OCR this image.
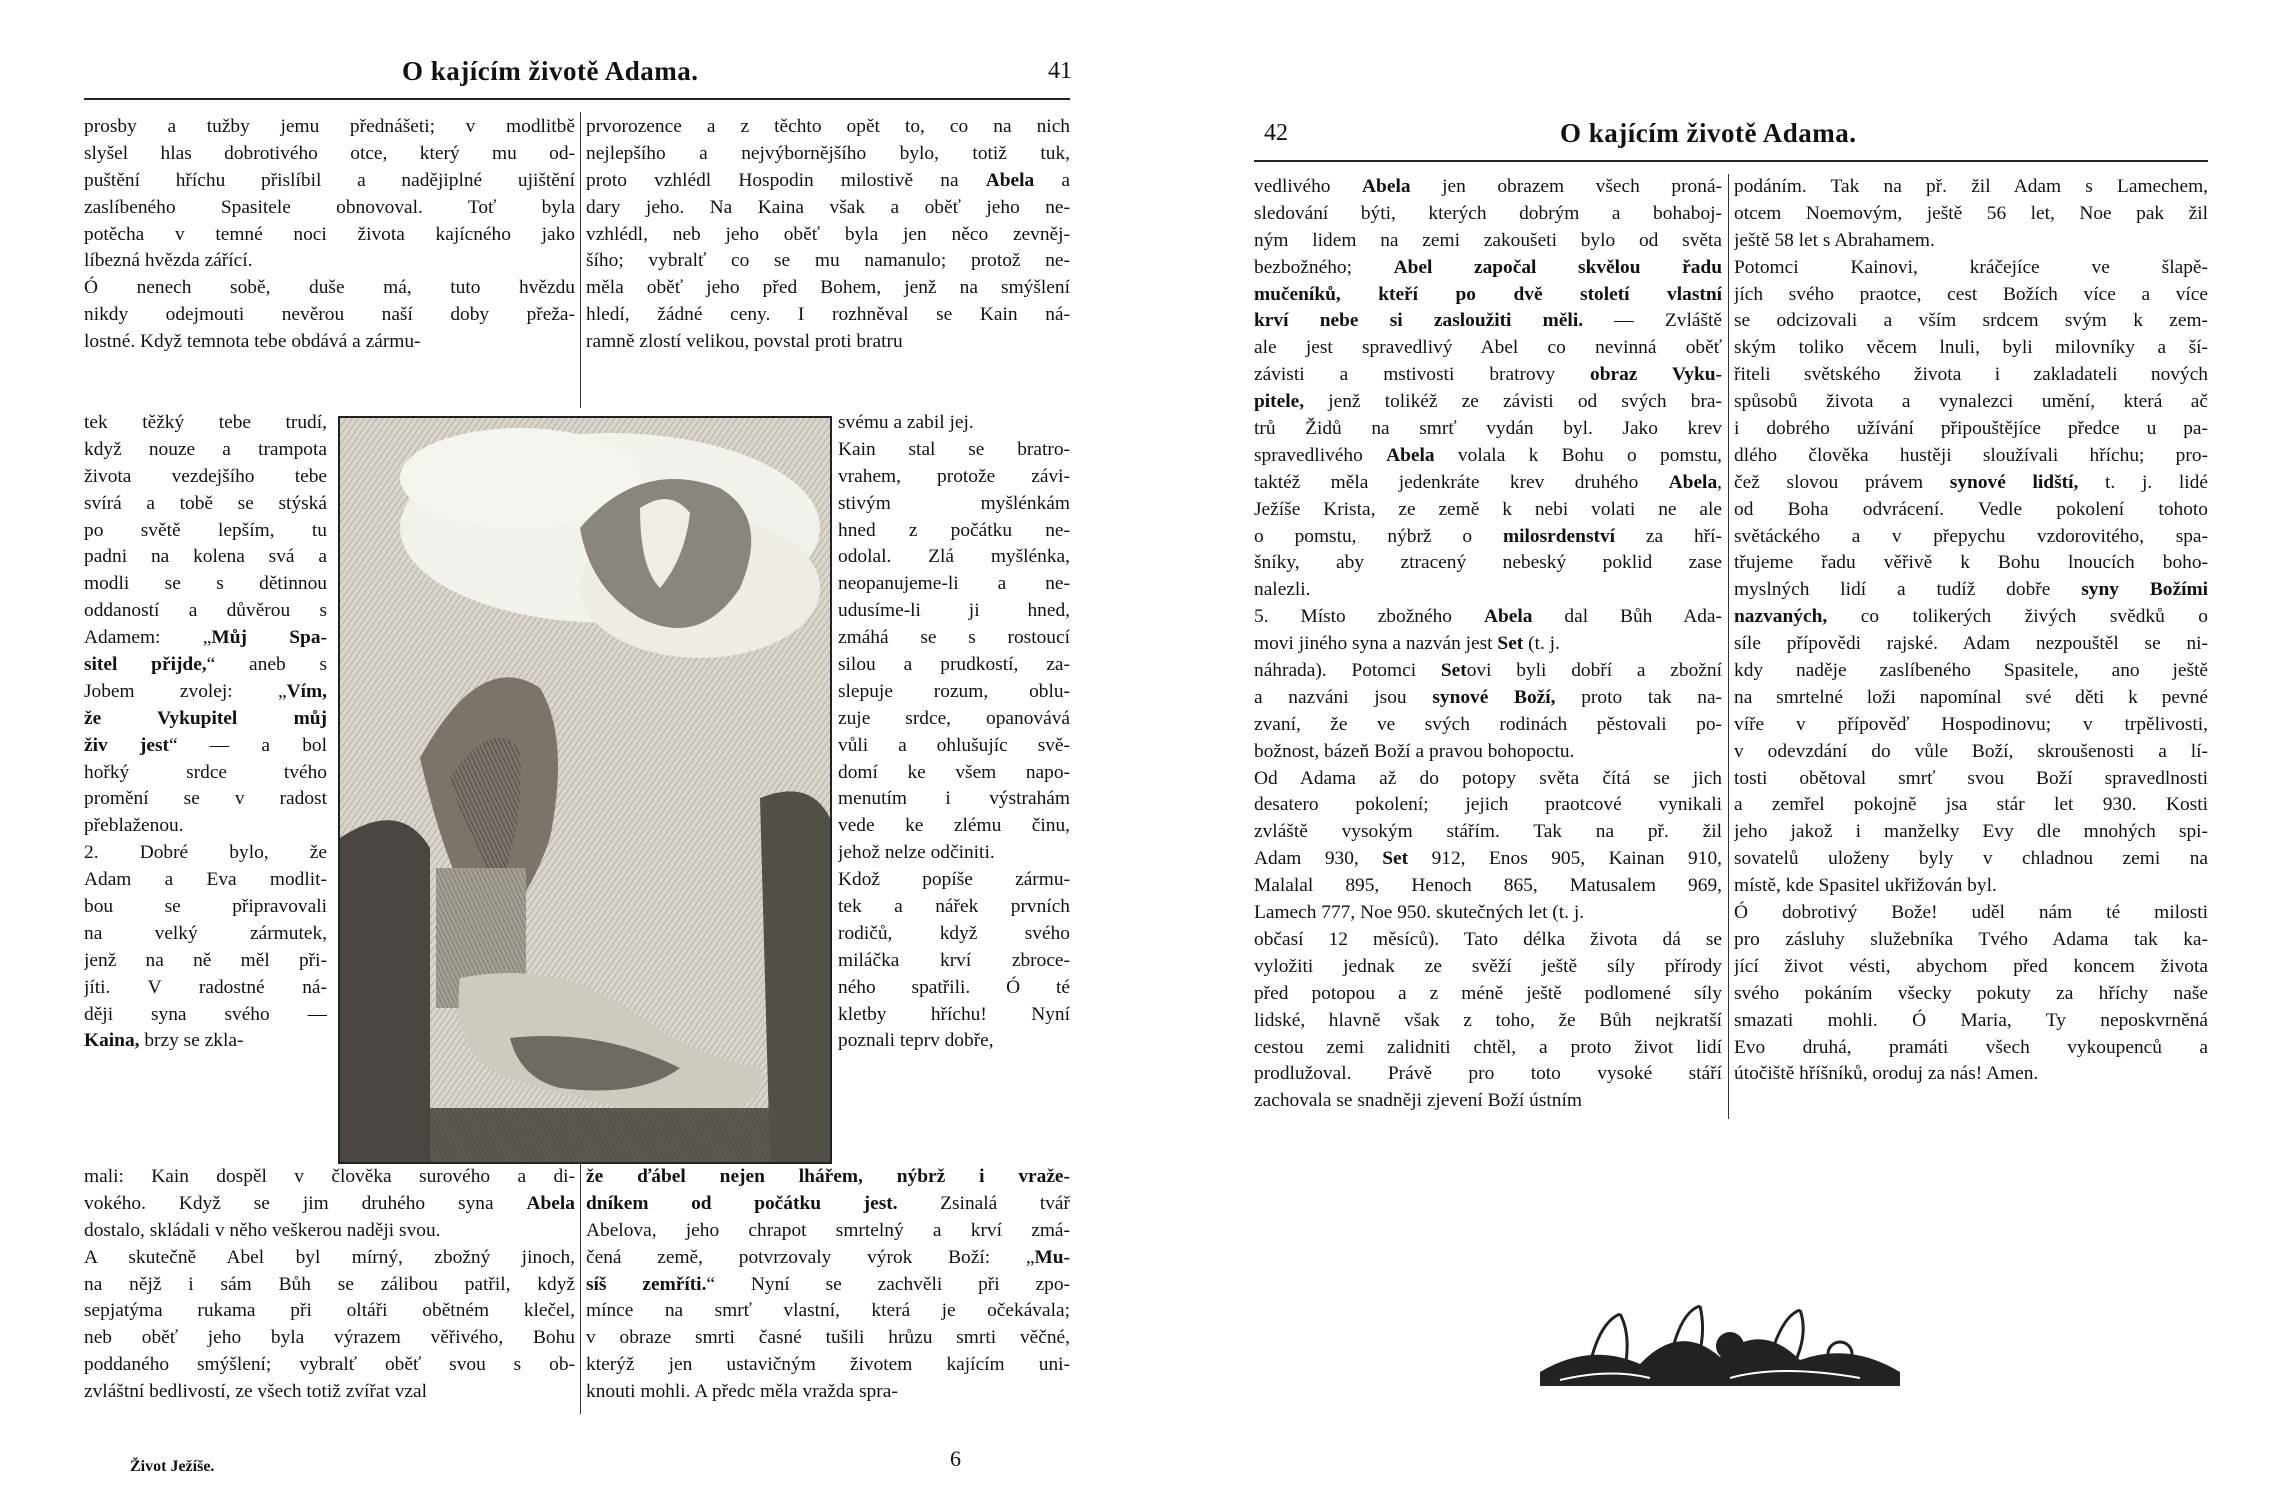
O kajícím životě Adama.	41
prosby a tužby jemu přednášeti; v modlitbě
slyšel hlas dobrotivého otce, který mu od-
puštění hříchu přislíbil a nadějiplné ujištění
zaslíbeného Spasitele obnovoval. Toť byla
potěcha v temné noci života kajícného jako
líbezná hvězda zářící.
Ó nenech sobě, duše má, tuto hvězdu
nikdy odejmouti nevěrou naší doby přeža-
lostné. Když temnota tebe obdává a zármu-
prvorozence a z těchto opět to, co na nich
nejlepšího a nejvýbornějšího bylo, totiž tuk,
proto vzhlédl Hospodin milostivě na Abela a
dary jeho. Na Kaina však a oběť jeho ne-
vzhlédl, neb jeho oběť byla jen něco zevněj-
šího; vybralť co se mu namanulo; protož ne-
měla oběť jeho před Bohem, jenž na smýšlení
hledí, žádné ceny. I rozhněval se Kain ná-
ramně zlostí velikou, povstal proti bratru
tek těžký tebe trudí,
když nouze a trampota
života vezdejšího tebe
svírá a tobě se stýská
po světě lepším, tu
padni na kolena svá a
modli se s dětinnou
oddaností a důvěrou s
Adamem: „Můj Spa-
sitel přijde,“ aneb s
Jobem zvolej: „Vím,
že Vykupitel můj
živ jest“ — a bol
hořký srdce tvého
promění se v radost
přeblaženou.
2. Dobré bylo, že
Adam a Eva modlit-
bou se připravovali
na velký zármutek,
jenž na ně měl při-
jíti. V radostné ná-
ději syna svého —
Kaina, brzy se zkla-
svému a zabil jej.
Kain stal se bratro-
vrahem, protože závi-
stivým myšlénkám
hned z počátku ne-
odolal. Zlá myšlénka,
neopanujeme-li a ne-
udusíme-li ji hned,
zmáhá se s rostoucí
silou a prudkostí, za-
slepuje rozum, oblu-
zuje srdce, opanovává
vůli a ohlušujíc svě-
domí ke všem napo-
menutím i výstrahám
vede ke zlému činu,
jehož nelze odčiniti.
Kdož popíše zármu-
tek a nářek prvních
rodičů, když svého
miláčka krví zbroce-
ného spatřili. Ó té
kletby hříchu! Nyní
poznali teprv dobře,
mali: Kain dospěl v člověka surového a di-
vokého. Když se jim druhého syna Abela
dostalo, skládali v něho veškerou naději svou.
A skutečně Abel byl mírný, zbožný jinoch,
na nějž i sám Bůh se zálibou patřil, když
sepjatýma rukama při oltáři obětném klečel,
neb oběť jeho byla výrazem věřivého, Bohu
poddaného smýšlení; vybralť oběť svou s ob-
zvláštní bedlivostí, ze všech totiž zvířat vzal
že ďábel nejen lhářem, nýbrž i vraže-
dníkem od počátku jest. Zsinalá tvář
Abelova, jeho chrapot smrtelný a krví zmá-
čená země, potvrzovaly výrok Boží: „Mu-
síš zemříti.“ Nyní se zachvěli při zpo-
mínce na smrť vlastní, která je očekávala;
v obraze smrti časné tušili hrůzu smrti věčné,
kterýž jen ustavičným životem kajícím uni-
knouti mohli. A předc měla vražda spra-
Život Ježíše.	6
42	O kajícím životě Adama.
vedlivého Abela jen obrazem všech proná-
sledování býti, kterých dobrým a bohaboj-
ným lidem na zemi zakoušeti bylo od světa
bezbožného; Abel započal skvělou řadu
mučeníků, kteří po dvě století vlastní
krví nebe si zasloužiti měli. — Zvláště
ale jest spravedlivý Abel co nevinná oběť
závisti a mstivosti bratrovy obraz Vyku-
pitele, jenž tolikéž ze závisti od svých bra-
trů Židů na smrť vydán byl. Jako krev
spravedlivého Abela volala k Bohu o pomstu,
taktéž měla jedenkráte krev druhého Abela,
Ježíše Krista, ze země k nebi volati ne ale
o pomstu, nýbrž o milosrdenství za hří-
šníky, aby ztracený nebeský poklid zase
nalezli.
5. Místo zbožného Abela dal Bůh Ada-
movi jiného syna a nazván jest Set (t. j.
náhrada). Potomci Setovi byli dobří a zbožní
a nazváni jsou synové Boží, proto tak na-
zvaní, že ve svých rodinách pěstovali po-
božnost, bázeň Boží a pravou bohopoctu.
Od Adama až do potopy světa čítá se jich
desatero pokolení; jejich praotcové vynikali
zvláště vysokým stářím. Tak na př. žil
Adam 930, Set 912, Enos 905, Kainan 910,
Malalal 895, Henoch 865, Matusalem 969,
Lamech 777, Noe 950. skutečných let (t. j.
občasí 12 měsíců). Tato délka života dá se
vyložiti jednak ze svěží ještě síly přírody
před potopou a z méně ještě podlomené síly
lidské, hlavně však z toho, že Bůh nejkratší
cestou zemi zalidniti chtěl, a proto život lidí
prodlužoval. Právě pro toto vysoké stáří
zachovala se snadněji zjevení Boží ústním
podáním. Tak na př. žil Adam s Lamechem,
otcem Noemovým, ještě 56 let, Noe pak žil
ještě 58 let s Abrahamem.
Potomci Kainovi, kráčejíce ve šlapě-
jích svého praotce, cest Božích více a více
se odcizovali a vším srdcem svým k zem-
ským tolikо věcem lnuli, byli milovníky a ší-
řiteli světského života i zakladateli nových
spůsobů života a vynalezci umění, která ač
i dobrého užívání připouštějíce předce u pa-
dlého člověka hustěji sloužívali hříchu; pro-
čež slovou právem synové lidští, t. j. lidé
od Boha odvrácení. Vedle pokolení tohoto
světáckého a v přepychu vzdorovitého, spa-
třujeme řadu věřivě k Bohu lnoucích boho-
myslných lidí a tudíž dobře syny Božími
nazvaných, co tolikerých živých svědků o
síle přípovědi rajské. Adam nezpouštěl se ni-
kdy naděje zaslíbeného Spasitele, ano ještě
na smrtelné loži napomínal své děti k pevné
víře v přípověď Hospodinovu; v trpělivosti,
v odevzdání do vůle Boží, skroušenosti a lí-
tosti obětoval smrť svou Boží spravedlnosti
a zemřel pokojně jsa stár let 930. Kosti
jeho jakož i manželky Evy dle mnohých spi-
sovatelů uloženy byly v chladnou zemi na
místě, kde Spasitel ukřižován byl.
Ó dobrotivý Bože! uděl nám té milosti
pro zásluhy služebníka Tvého Adama tak ka-
jící život vésti, abychom před koncem života
svého pokáním všecky pokuty za hříchy naše
smazati mohli. Ó Maria, Ty neposkvrněná
Evo druhá, pramáti všech vykoupenců a
útočiště hříšníků, oroduj za nás! Amen.
